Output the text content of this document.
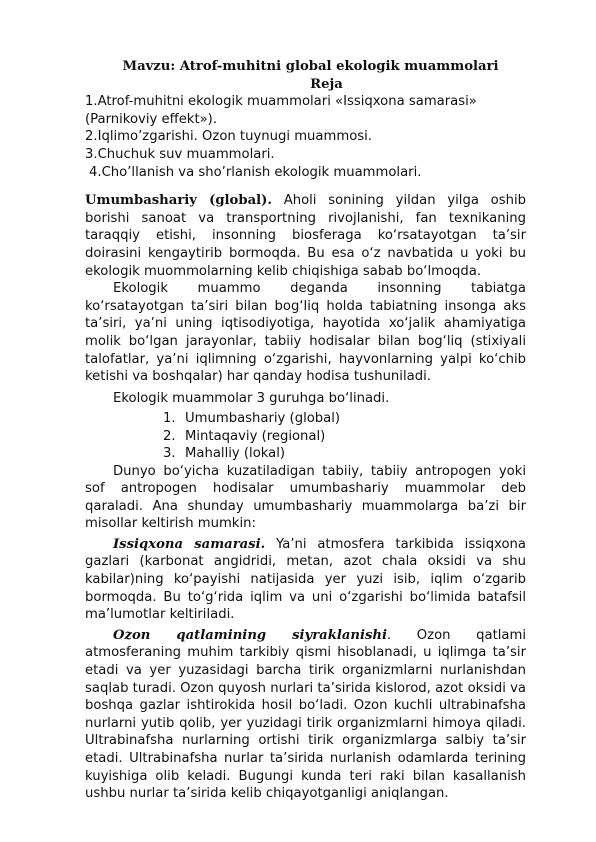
Mavzu: Atrof-muhitni global ekologik muammolari
Reja

1.Atrof-muhitni ekologik muammolari «Issiqxona samarasi» (Parnikoviy effekt»).

2.Iqlimo’zgarishi. Ozon tuynugi muammosi.

3.Chuchuk suv muammolari.

4.Cho’llanish va sho’rlanish ekologik muammolari.

Umumbashariy (global). Aholi sonining yildan yilga oshib borishi sanoat va transportning rivojlanishi, fan texnikaning taraqqiy etishi, insonning biosferaga ko‘rsatayotgan ta’sir doirasini kengaytirib bormoqda. Bu esa o‘z navbatida u yoki bu ekologik muommolarning kelib chiqishiga sabab bo‘lmoqda.

Ekologik muammo deganda insonning tabiatga ko‘rsatayotgan ta’siri bilan bog‘liq holda tabiatning insonga aks ta’siri, ya’ni uning iqtisodiyotiga, hayotida xo‘jalik ahamiyatiga molik bo‘lgan jarayonlar, tabiiy hodisalar bilan bog‘liq (stixiyali talofatlar, ya’ni iqlimning o‘zgarishi, hayvonlarning yalpi ko‘chib ketishi va boshqalar) har qanday hodisa tushuniladi.

Ekologik muammolar 3 guruhga bo‘linadi.

1. Umumbashariy (global)
2. Mintaqaviy (regional)
3. Mahalliy (lokal)

Dunyo bo‘yicha kuzatiladigan tabiiy, tabiiy antropogen yoki sof antropogen hodisalar umumbashariy muammolar deb qaraladi. Ana shunday umumbashariy muammolarga ba’zi bir misollar keltirish mumkin:

Issiqxona samarasi. Ya’ni atmosfera tarkibida issiqxona gazlari (karbonat angidridi, metan, azot chala oksidi va shu kabilar)ning ko‘payishi natijasida yer yuzi isib, iqlim o‘zgarib bormoqda. Bu to‘g‘rida iqlim va uni o‘zgarishi bo‘limida batafsil ma’lumotlar keltiriladi.

Ozon qatlamining siyraklanishi. Ozon qatlami atmosferaning muhim tarkibiy qismi hisoblanadi, u iqlimga ta’sir etadi va yer yuzasidagi barcha tirik organizmlarni nurlanishdan saqlab turadi. Ozon quyosh nurlari ta’sirida kislorod, azot oksidi va boshqa gazlar ishtirokida hosil bo‘ladi. Ozon kuchli ultrabinafsha nurlarni yutib qolib, yer yuzidagi tirik organizmlarni himoya qiladi. Ultrabinafsha nurlarning ortishi tirik organizmlarga salbiy ta’sir etadi. Ultrabinafsha nurlar ta’sirida nurlanish odamlarda terining kuyishiga olib keladi. Bugungi kunda teri raki bilan kasallanish ushbu nurlar ta’sirida kelib chiqayotganligi aniqlangan.
